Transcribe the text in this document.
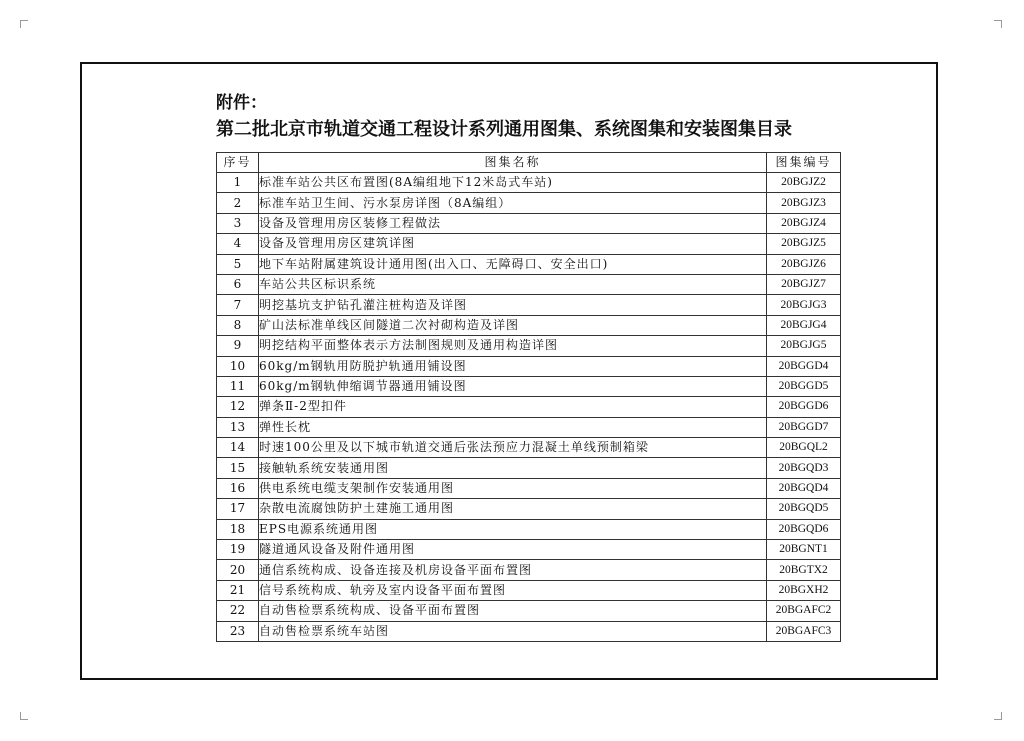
附件：
第二批北京市轨道交通工程设计系列通用图集、系统图集和安装图集目录
序号	图集名称	图集编号
1	标准车站公共区布置图(8A编组地下12米岛式车站)	20BGJZ2
2	标准车站卫生间、污水泵房详图（8A编组）	20BGJZ3
3	设备及管理用房区装修工程做法	20BGJZ4
4	设备及管理用房区建筑详图	20BGJZ5
5	地下车站附属建筑设计通用图(出入口、无障碍口、安全出口)	20BGJZ6
6	车站公共区标识系统	20BGJZ7
7	明挖基坑支护钻孔灌注桩构造及详图	20BGJG3
8	矿山法标准单线区间隧道二次衬砌构造及详图	20BGJG4
9	明挖结构平面整体表示方法制图规则及通用构造详图	20BGJG5
10	60kg/m钢轨用防脱护轨通用铺设图	20BGGD4
11	60kg/m钢轨伸缩调节器通用铺设图	20BGGD5
12	弹条Ⅱ-2型扣件	20BGGD6
13	弹性长枕	20BGGD7
14	时速100公里及以下城市轨道交通后张法预应力混凝土单线预制箱梁	20BGQL2
15	接触轨系统安装通用图	20BGQD3
16	供电系统电缆支架制作安装通用图	20BGQD4
17	杂散电流腐蚀防护土建施工通用图	20BGQD5
18	EPS电源系统通用图	20BGQD6
19	隧道通风设备及附件通用图	20BGNT1
20	通信系统构成、设备连接及机房设备平面布置图	20BGTX2
21	信号系统构成、轨旁及室内设备平面布置图	20BGXH2
22	自动售检票系统构成、设备平面布置图	20BGAFC2
23	自动售检票系统车站图	20BGAFC3
